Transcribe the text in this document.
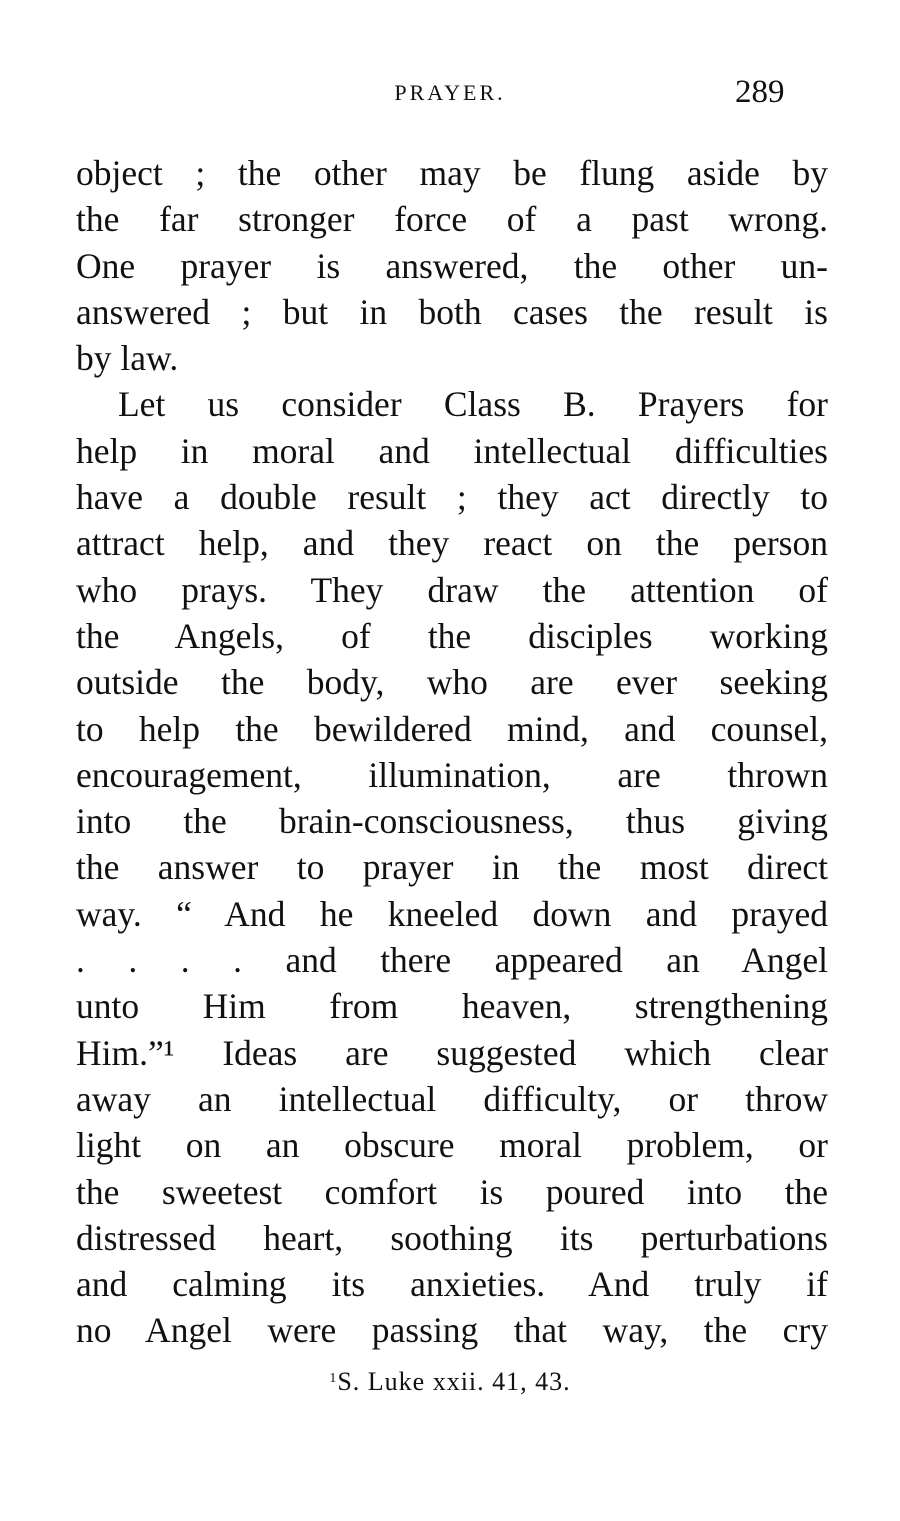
PRAYER.	289
object ; the other may be flung aside by
the far stronger force of a past wrong.
One prayer is answered, the other un-
answered ; but in both cases the result is
by law.
Let us consider Class B. Prayers for
help in moral and intellectual difficulties
have a double result ; they act directly to
attract help, and they react on the person
who prays. They draw the attention of
the Angels, of the disciples working
outside the body, who are ever seeking
to help the bewildered mind, and counsel,
encouragement, illumination, are thrown
into the brain-consciousness, thus giving
the answer to prayer in the most direct
way. “ And he kneeled down and prayed
. . . . and there appeared an Angel
unto Him from heaven, strengthening
Him.”¹ Ideas are suggested which clear
away an intellectual difficulty, or throw
light on an obscure moral problem, or
the sweetest comfort is poured into the
distressed heart, soothing its perturbations
and calming its anxieties. And truly if
no Angel were passing that way, the cry
$^1$S. Luke xxii. 41, 43.
